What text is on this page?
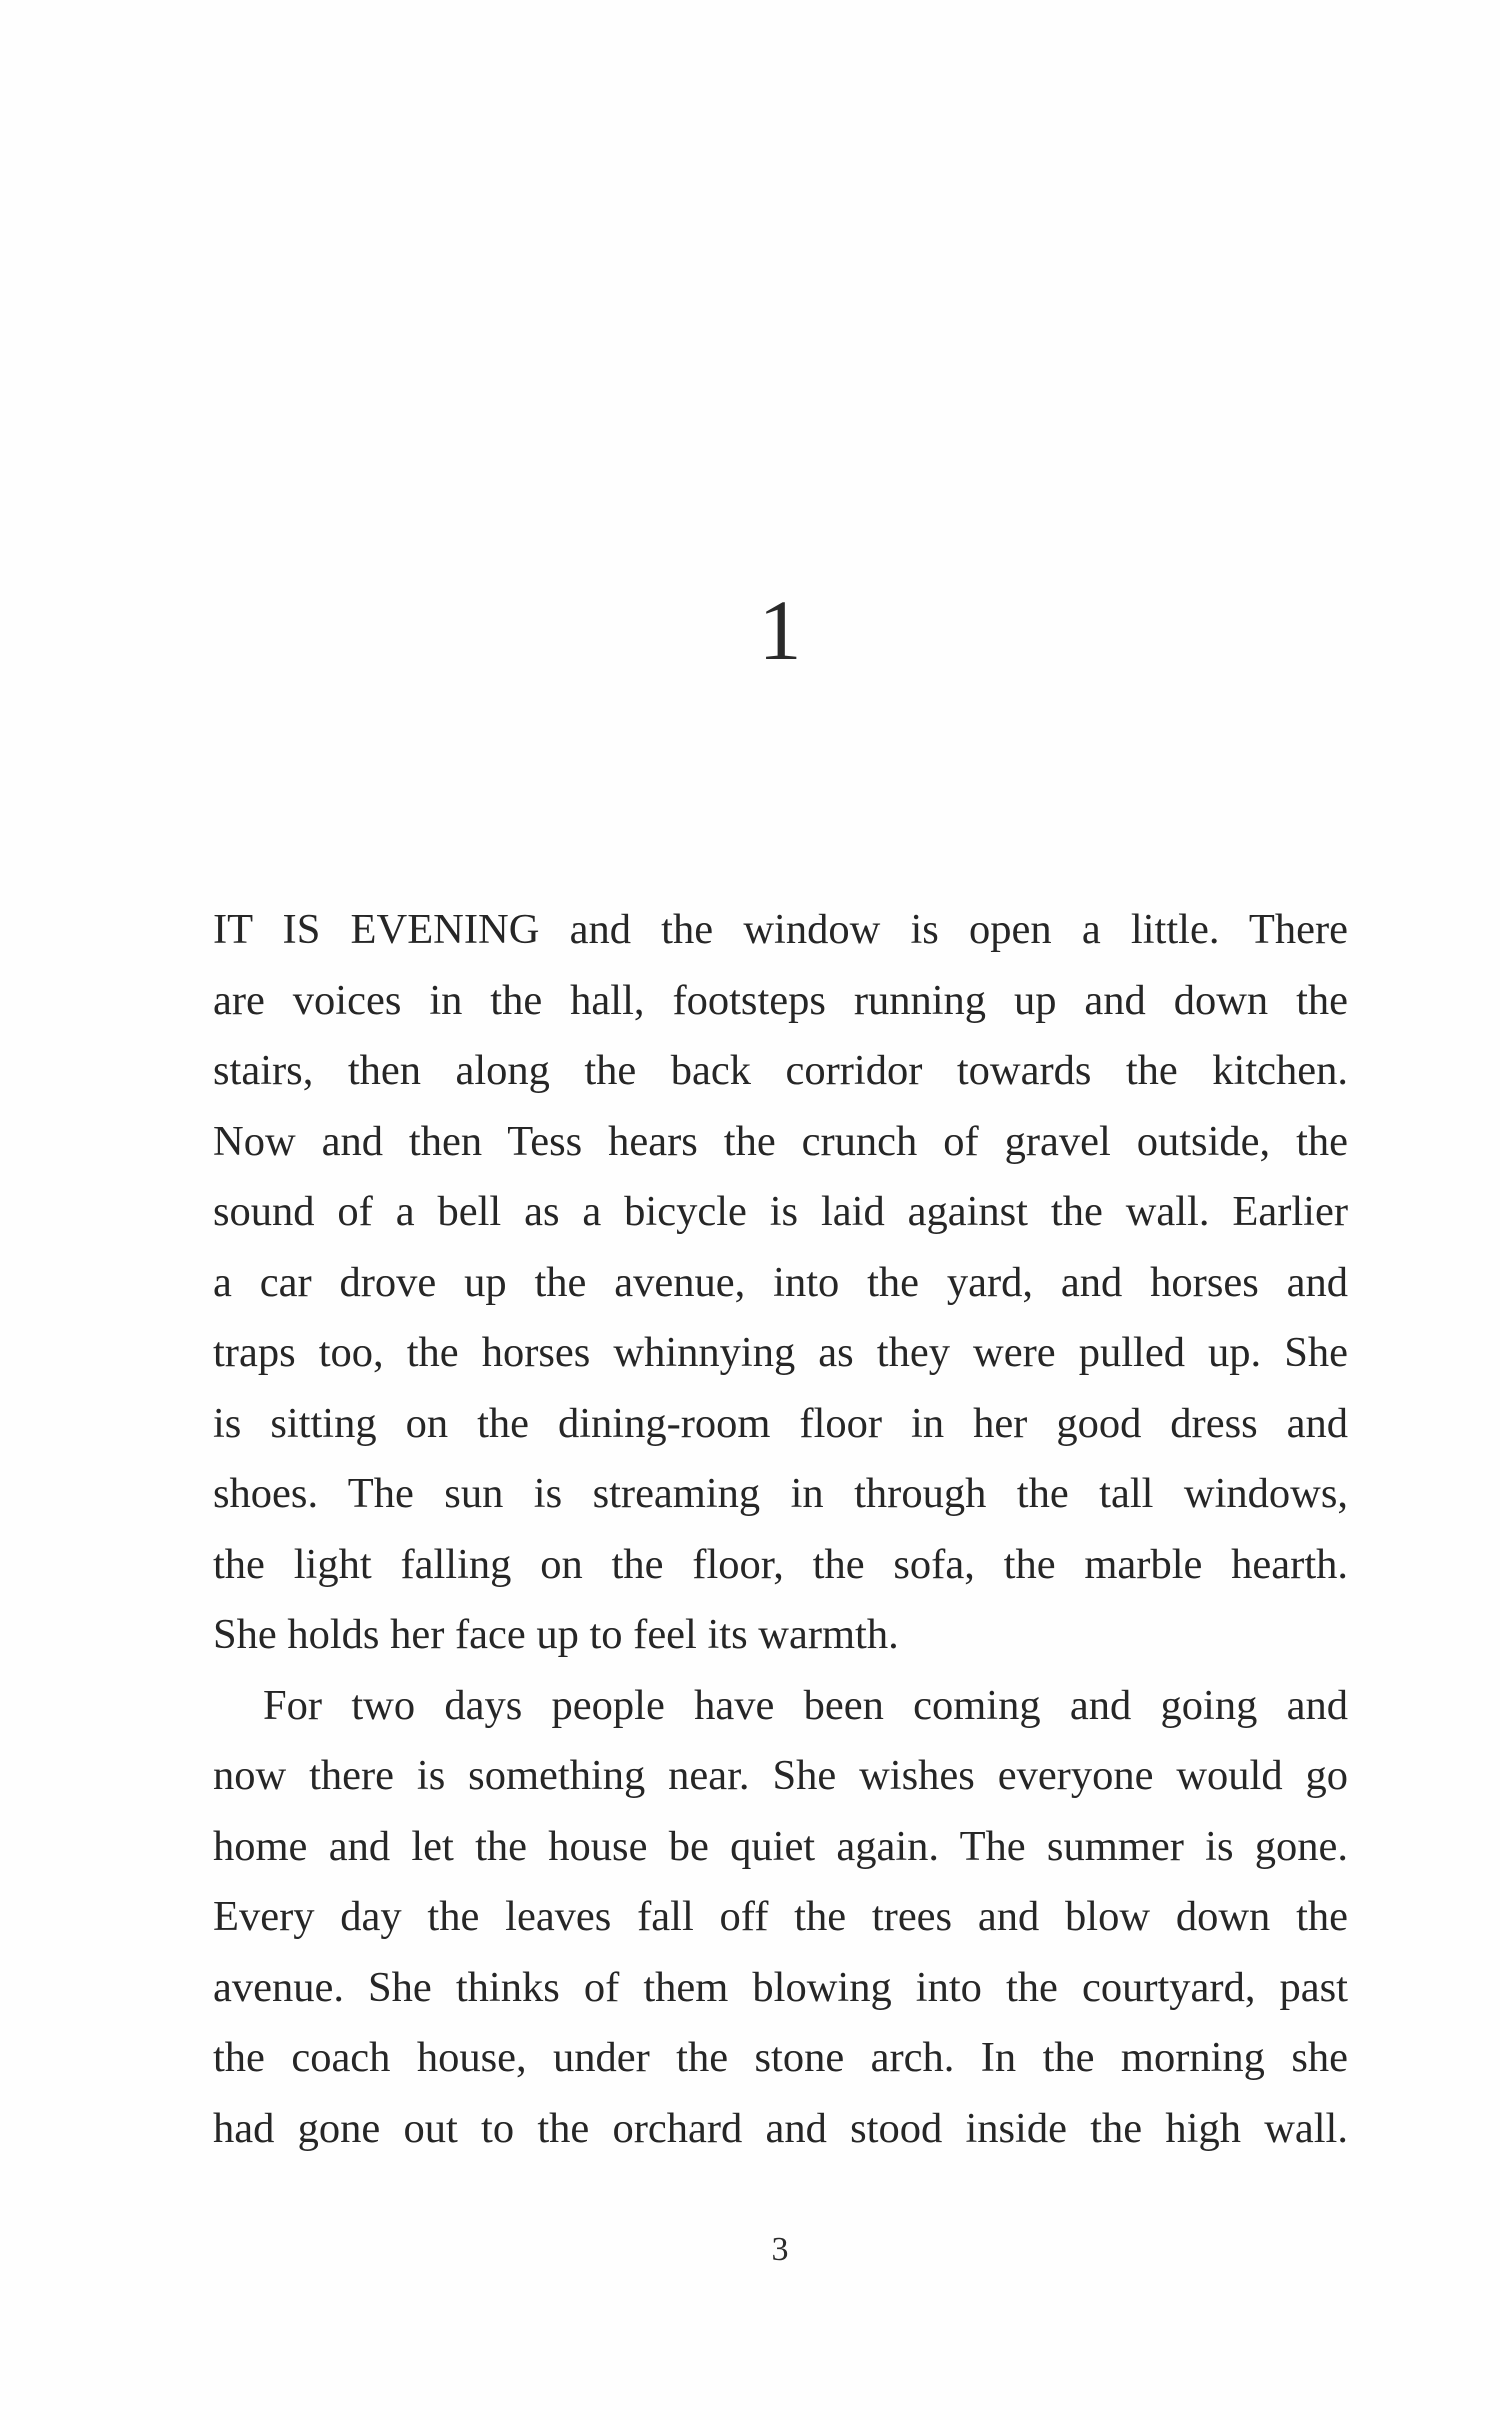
1

IT IS EVENING and the window is open a little. There
are voices in the hall, footsteps running up and down the
stairs, then along the back corridor towards the kitchen.
Now and then Tess hears the crunch of gravel outside, the
sound of a bell as a bicycle is laid against the wall. Earlier
a car drove up the avenue, into the yard, and horses and
traps too, the horses whinnying as they were pulled up. She
is sitting on the dining-room floor in her good dress and
shoes. The sun is streaming in through the tall windows,
the light falling on the floor, the sofa, the marble hearth.
She holds her face up to feel its warmth.

For two days people have been coming and going and
now there is something near. She wishes everyone would go
home and let the house be quiet again. The summer is gone.
Every day the leaves fall off the trees and blow down the
avenue. She thinks of them blowing into the courtyard, past
the coach house, under the stone arch. In the morning she
had gone out to the orchard and stood inside the high wall.

3
